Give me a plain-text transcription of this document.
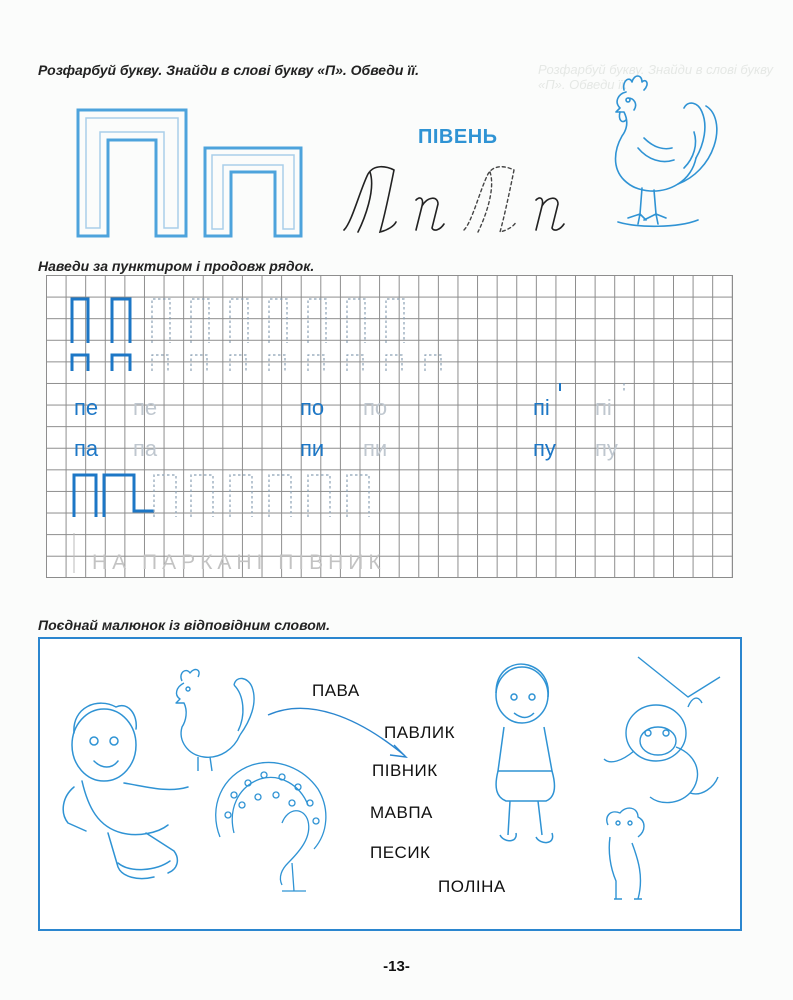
Розфарбуй букву. Знайди в слові букву «П». Обведи її.	Розфарбуй букву. Знайди в слові букву «П». Обведи її.
Наведи за пунктиром і продовж рядок.
Поєднай малюнок із відповідним словом.
ПІВЕНЬ
пе пе	по по	пі пі
па па	пи пи	пу пу
НА ПАРКАНІ ПІВНИК
ПАВА
ПАВЛИК
ПІВНИК
МАВПА
ПЕСИК
ПОЛІНА
-13-
